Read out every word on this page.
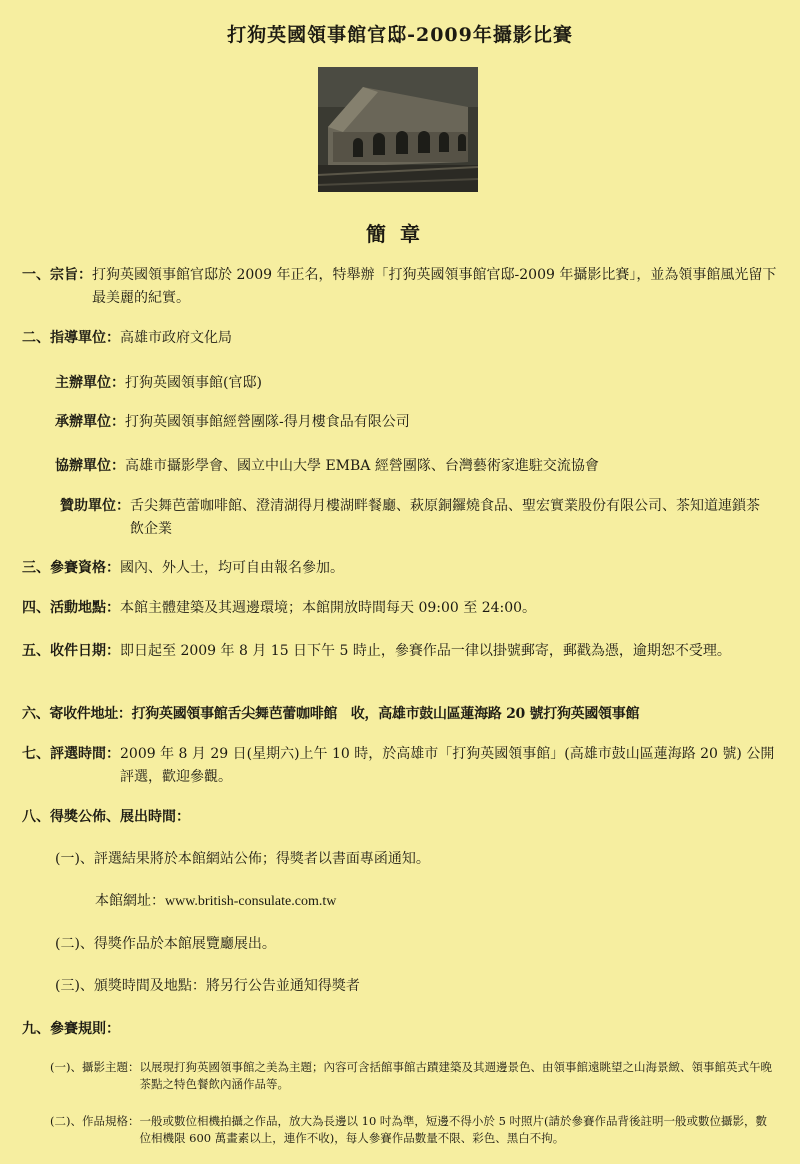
打狗英國領事館官邸-2009年攝影比賽
簡章
一、宗旨： 打狗英國領事館官邸於 2009 年正名，特舉辦「打狗英國領事館官邸-2009 年攝影比賽」，並為領事館風光留下最美麗的紀實。
二、指導單位：高雄市政府文化局
主辦單位：打狗英國領事館(官邸)
承辦單位：打狗英國領事館經營團隊-得月樓食品有限公司
協辦單位：高雄市攝影學會、國立中山大學 EMBA 經營團隊、台灣藝術家進駐交流協會
贊助單位： 舌尖舞芭蕾咖啡館、澄清湖得月樓湖畔餐廳、萩原銅鑼燒食品、聖宏實業股份有限公司、茶知道連鎖茶飲企業
三、參賽資格：國內、外人士，均可自由報名參加。
四、活動地點：本館主體建築及其週邊環境；本館開放時間每天 09:00 至 24:00。
五、收件日期： 即日起至 2009 年 8 月 15 日下午 5 時止，參賽作品一律以掛號郵寄，郵戳為憑，逾期恕不受理。
六、寄收件地址：打狗英國領事館舌尖舞芭蕾咖啡館　收，高雄市鼓山區蓮海路 20 號打狗英國領事館
七、評選時間： 2009 年 8 月 29 日(星期六)上午 10 時，於高雄市「打狗英國領事館」(高雄市鼓山區蓮海路 20 號) 公開評選，歡迎參觀。
八、得獎公佈、展出時間：
(一)、評選結果將於本館網站公佈；得獎者以書面專函通知。
本館網址：www.british-consulate.com.tw
(二)、得獎作品於本館展覽廳展出。
(三)、頒獎時間及地點：將另行公告並通知得獎者
九、參賽規則：
(一)、攝影主題： 以展現打狗英國領事館之美為主題；內容可含括館事館古蹟建築及其週邊景色、由領事館遠眺望之山海景緻、領事館英式午晚茶點之特色餐飲內涵作品等。
(二)、作品規格： 一般或數位相機拍攝之作品，放大為長邊以 10 吋為準，短邊不得小於 5 吋照片(請於參賽作品背後註明一般或數位攝影，數位相機限 600 萬畫素以上，連作不收)，每人參賽作品數量不限、彩色、黑白不拘。
